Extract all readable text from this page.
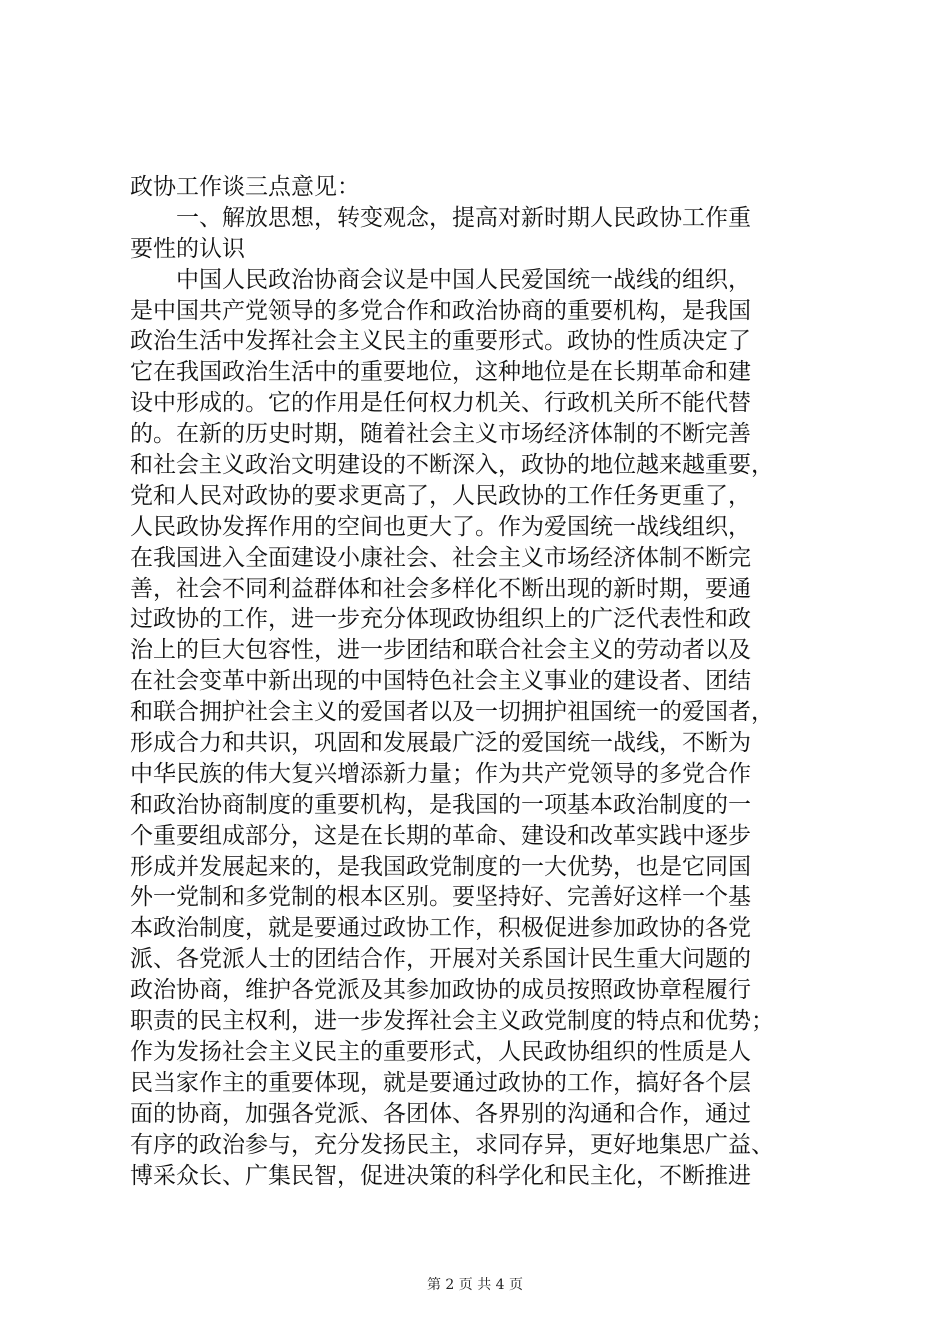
政协工作谈三点意见：
一、解放思想，转变观念，提高对新时期人民政协工作重
要性的认识
中国人民政治协商会议是中国人民爱国统一战线的组织，
是中国共产党领导的多党合作和政治协商的重要机构，是我国
政治生活中发挥社会主义民主的重要形式。政协的性质决定了
它在我国政治生活中的重要地位，这种地位是在长期革命和建
设中形成的。它的作用是任何权力机关、行政机关所不能代替
的。在新的历史时期，随着社会主义市场经济体制的不断完善
和社会主义政治文明建设的不断深入，政协的地位越来越重要，
党和人民对政协的要求更高了，人民政协的工作任务更重了，
人民政协发挥作用的空间也更大了。作为爱国统一战线组织，
在我国进入全面建设小康社会、社会主义市场经济体制不断完
善，社会不同利益群体和社会多样化不断出现的新时期，要通
过政协的工作，进一步充分体现政协组织上的广泛代表性和政
治上的巨大包容性，进一步团结和联合社会主义的劳动者以及
在社会变革中新出现的中国特色社会主义事业的建设者、团结
和联合拥护社会主义的爱国者以及一切拥护祖国统一的爱国者，
形成合力和共识，巩固和发展最广泛的爱国统一战线，不断为
中华民族的伟大复兴增添新力量；作为共产党领导的多党合作
和政治协商制度的重要机构，是我国的一项基本政治制度的一
个重要组成部分，这是在长期的革命、建设和改革实践中逐步
形成并发展起来的，是我国政党制度的一大优势，也是它同国
外一党制和多党制的根本区别。要坚持好、完善好这样一个基
本政治制度，就是要通过政协工作，积极促进参加政协的各党
派、各党派人士的团结合作，开展对关系国计民生重大问题的
政治协商，维护各党派及其参加政协的成员按照政协章程履行
职责的民主权利，进一步发挥社会主义政党制度的特点和优势；
作为发扬社会主义民主的重要形式，人民政协组织的性质是人
民当家作主的重要体现，就是要通过政协的工作，搞好各个层
面的协商，加强各党派、各团体、各界别的沟通和合作，通过
有序的政治参与，充分发扬民主，求同存异，更好地集思广益、
博采众长、广集民智，促进决策的科学化和民主化，不断推进
第 2 页 共 4 页
